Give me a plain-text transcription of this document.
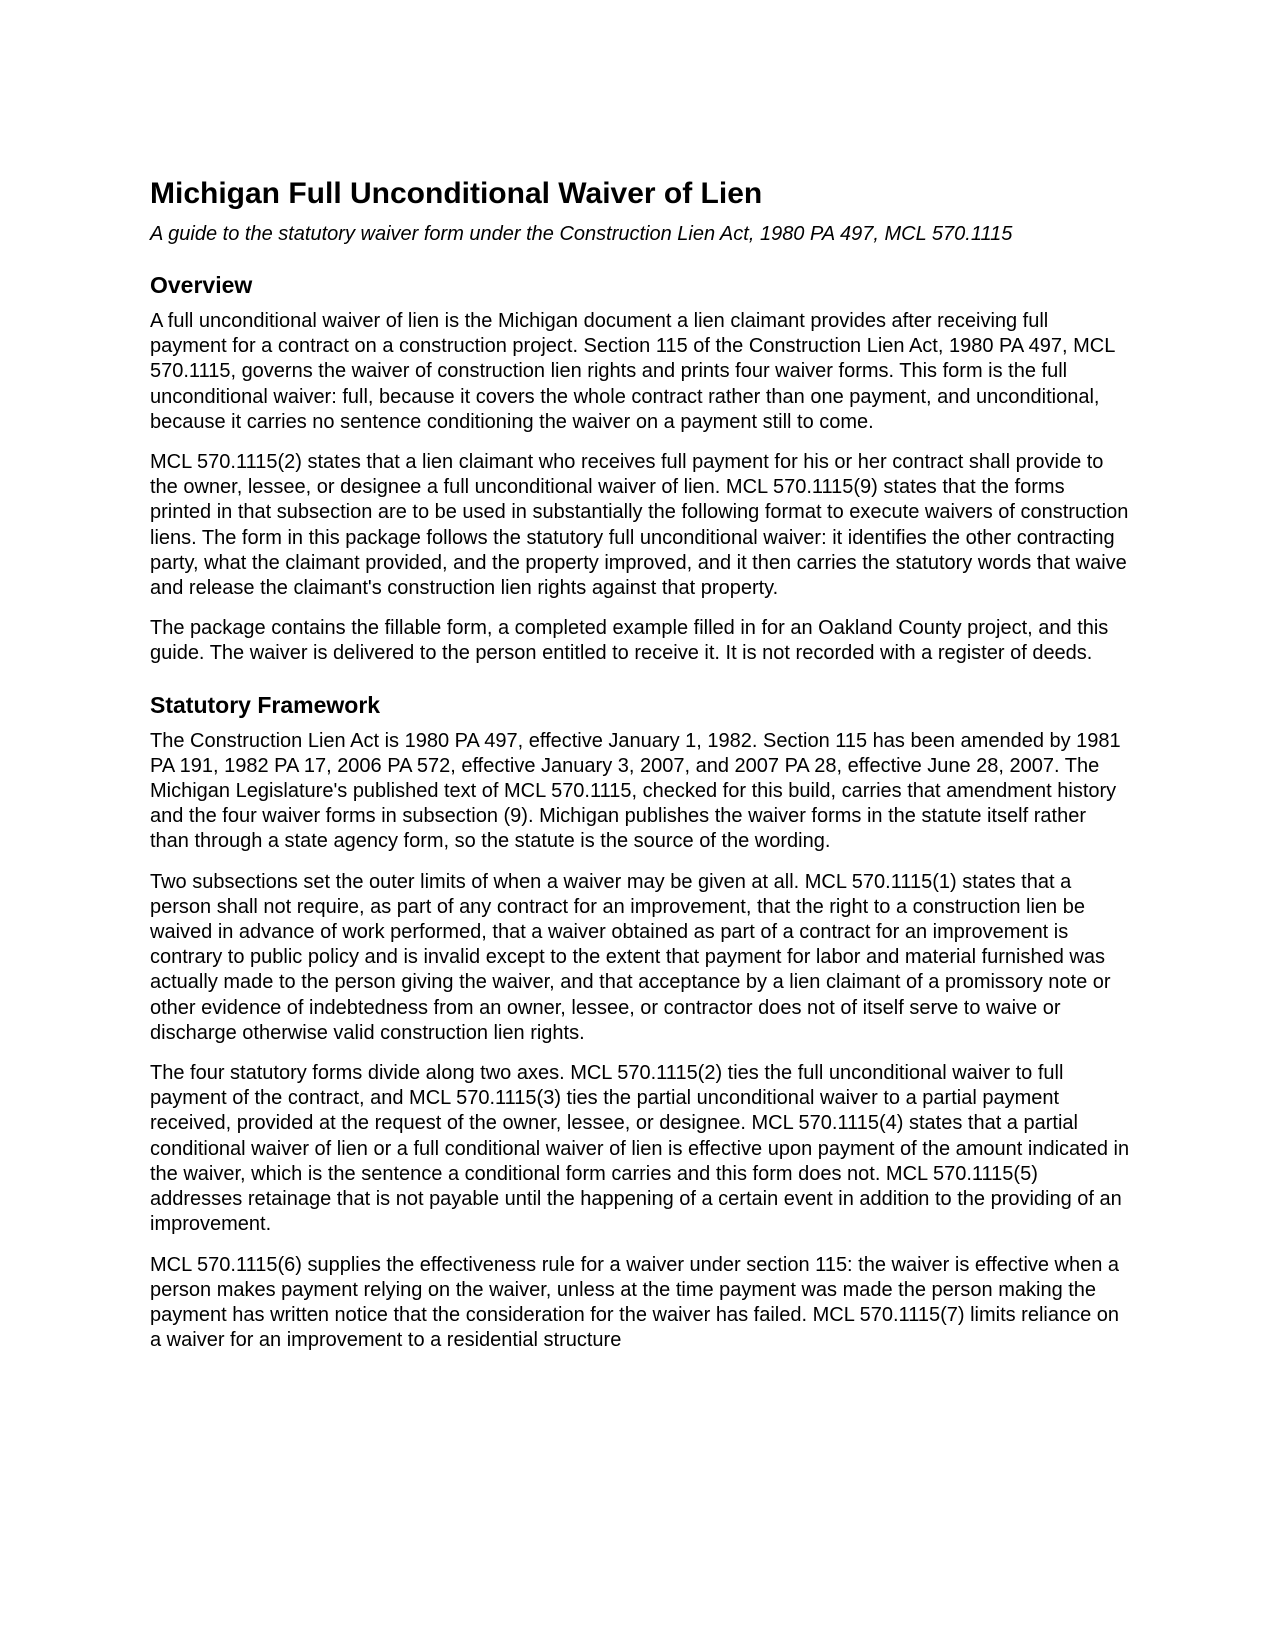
Michigan Full Unconditional Waiver of Lien

A guide to the statutory waiver form under the Construction Lien Act, 1980 PA 497, MCL 570.1115

Overview

A full unconditional waiver of lien is the Michigan document a lien claimant provides after receiving full payment for a contract on a construction project. Section 115 of the Construction Lien Act, 1980 PA 497, MCL 570.1115, governs the waiver of construction lien rights and prints four waiver forms. This form is the full unconditional waiver: full, because it covers the whole contract rather than one payment, and unconditional, because it carries no sentence conditioning the waiver on a payment still to come.

MCL 570.1115(2) states that a lien claimant who receives full payment for his or her contract shall provide to the owner, lessee, or designee a full unconditional waiver of lien. MCL 570.1115(9) states that the forms printed in that subsection are to be used in substantially the following format to execute waivers of construction liens. The form in this package follows the statutory full unconditional waiver: it identifies the other contracting party, what the claimant provided, and the property improved, and it then carries the statutory words that waive and release the claimant's construction lien rights against that property.

The package contains the fillable form, a completed example filled in for an Oakland County project, and this guide. The waiver is delivered to the person entitled to receive it. It is not recorded with a register of deeds.

Statutory Framework

The Construction Lien Act is 1980 PA 497, effective January 1, 1982. Section 115 has been amended by 1981 PA 191, 1982 PA 17, 2006 PA 572, effective January 3, 2007, and 2007 PA 28, effective June 28, 2007. The Michigan Legislature's published text of MCL 570.1115, checked for this build, carries that amendment history and the four waiver forms in subsection (9). Michigan publishes the waiver forms in the statute itself rather than through a state agency form, so the statute is the source of the wording.

Two subsections set the outer limits of when a waiver may be given at all. MCL 570.1115(1) states that a person shall not require, as part of any contract for an improvement, that the right to a construction lien be waived in advance of work performed, that a waiver obtained as part of a contract for an improvement is contrary to public policy and is invalid except to the extent that payment for labor and material furnished was actually made to the person giving the waiver, and that acceptance by a lien claimant of a promissory note or other evidence of indebtedness from an owner, lessee, or contractor does not of itself serve to waive or discharge otherwise valid construction lien rights.

The four statutory forms divide along two axes. MCL 570.1115(2) ties the full unconditional waiver to full payment of the contract, and MCL 570.1115(3) ties the partial unconditional waiver to a partial payment received, provided at the request of the owner, lessee, or designee. MCL 570.1115(4) states that a partial conditional waiver of lien or a full conditional waiver of lien is effective upon payment of the amount indicated in the waiver, which is the sentence a conditional form carries and this form does not. MCL 570.1115(5) addresses retainage that is not payable until the happening of a certain event in addition to the providing of an improvement.

MCL 570.1115(6) supplies the effectiveness rule for a waiver under section 115: the waiver is effective when a person makes payment relying on the waiver, unless at the time payment was made the person making the payment has written notice that the consideration for the waiver has failed. MCL 570.1115(7) limits reliance on a waiver for an improvement to a residential structure
